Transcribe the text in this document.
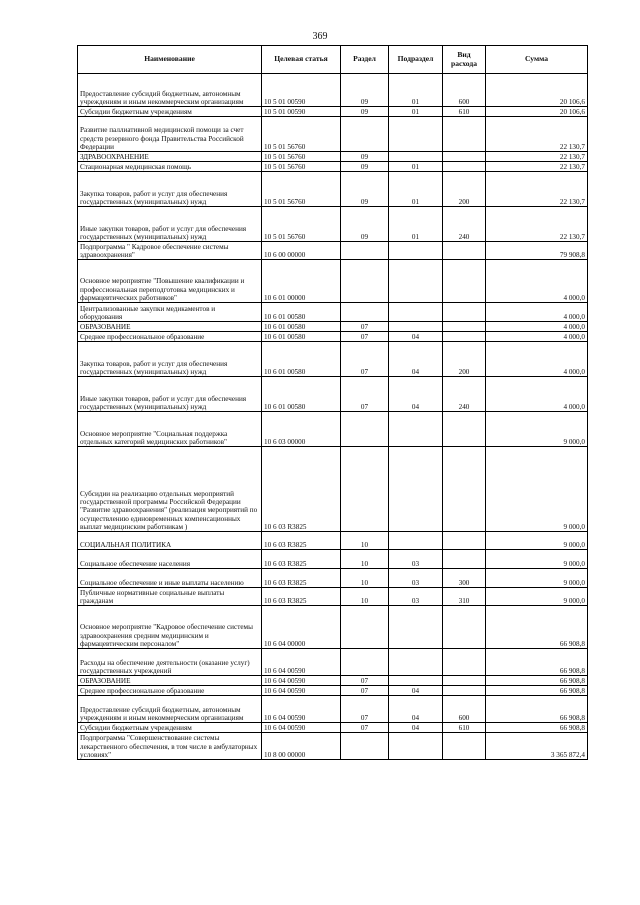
369
Наименование	Целевая статья	Раздел	Подраздел	Вид расхода	Сумма
Предоставление субсидий бюджетным, автономным учреждениям и иным некоммерческим организациям	10 5 01 00590	09	01	600	20 106,6
Субсидии бюджетным учреждениям	10 5 01 00590	09	01	610	20 106,6
Развитие паллиативной медицинской помощи за счет средств резервного фонда Правительства Российской Федерации	10 5 01 56760				22 130,7
ЗДРАВООХРАНЕНИЕ	10 5 01 56760	09			22 130,7
Стационарная медицинская помощь	10 5 01 56760	09	01		22 130,7
Закупка товаров, работ и услуг для обеспечения государственных (муниципальных) нужд	10 5 01 56760	09	01	200	22 130,7
Иные закупки товаров, работ и услуг для обеспечения государственных (муниципальных) нужд	10 5 01 56760	09	01	240	22 130,7
Подпрограмма " Кадровое обеспечение системы здравоохранения"	10 6 00 00000				79 908,8
Основное мероприятие "Повышение квалификации и профессиональная переподготовка медицинских и фармацевтических работников"	10 6 01 00000				4 000,0
Централизованные закупки медикаментов и оборудования	10 6 01 00580				4 000,0
ОБРАЗОВАНИЕ	10 6 01 00580	07			4 000,0
Среднее профессиональное образование	10 6 01 00580	07	04		4 000,0
Закупка товаров, работ и услуг для обеспечения государственных (муниципальных) нужд	10 6 01 00580	07	04	200	4 000,0
Иные закупки товаров, работ и услуг для обеспечения государственных (муниципальных) нужд	10 6 01 00580	07	04	240	4 000,0
Основное мероприятие "Социальная поддержка отдельных категорий медицинских работников"	10 6 03 00000				9 000,0
Субсидии на реализацию отдельных мероприятий государственной программы Российской Федерации "Развитие здравоохранения" (реализация мероприятий по осуществлению единовременных компенсационных выплат медицинским работникам )	10 6 03 R3825				9 000,0
СОЦИАЛЬНАЯ ПОЛИТИКА	10 6 03 R3825	10			9 000,0
Социальное обеспечение населения	10 6 03 R3825	10	03		9 000,0
Социальное обеспечение и иные выплаты населению	10 6 03 R3825	10	03	300	9 000,0
Публичные нормативные социальные выплаты гражданам	10 6 03 R3825	10	03	310	9 000,0
Основное мероприятие "Кадровое обеспечение системы здравоохранения средним медицинским и фармацевтическим персоналом"	10 6 04 00000				66 908,8
Расходы на обеспечение деятельности (оказание услуг) государственных учреждений	10 6 04 00590				66 908,8
ОБРАЗОВАНИЕ	10 6 04 00590	07			66 908,8
Среднее профессиональное образование	10 6 04 00590	07	04		66 908,8
Предоставление субсидий бюджетным, автономным учреждениям и иным некоммерческим организациям	10 6 04 00590	07	04	600	66 908,8
Субсидии бюджетным учреждениям	10 6 04 00590	07	04	610	66 908,8
Подпрограмма "Совершенствование системы лекарственного обеспечения, в том числе в амбулаторных условиях"	10 8 00 00000				3 365 872,4
